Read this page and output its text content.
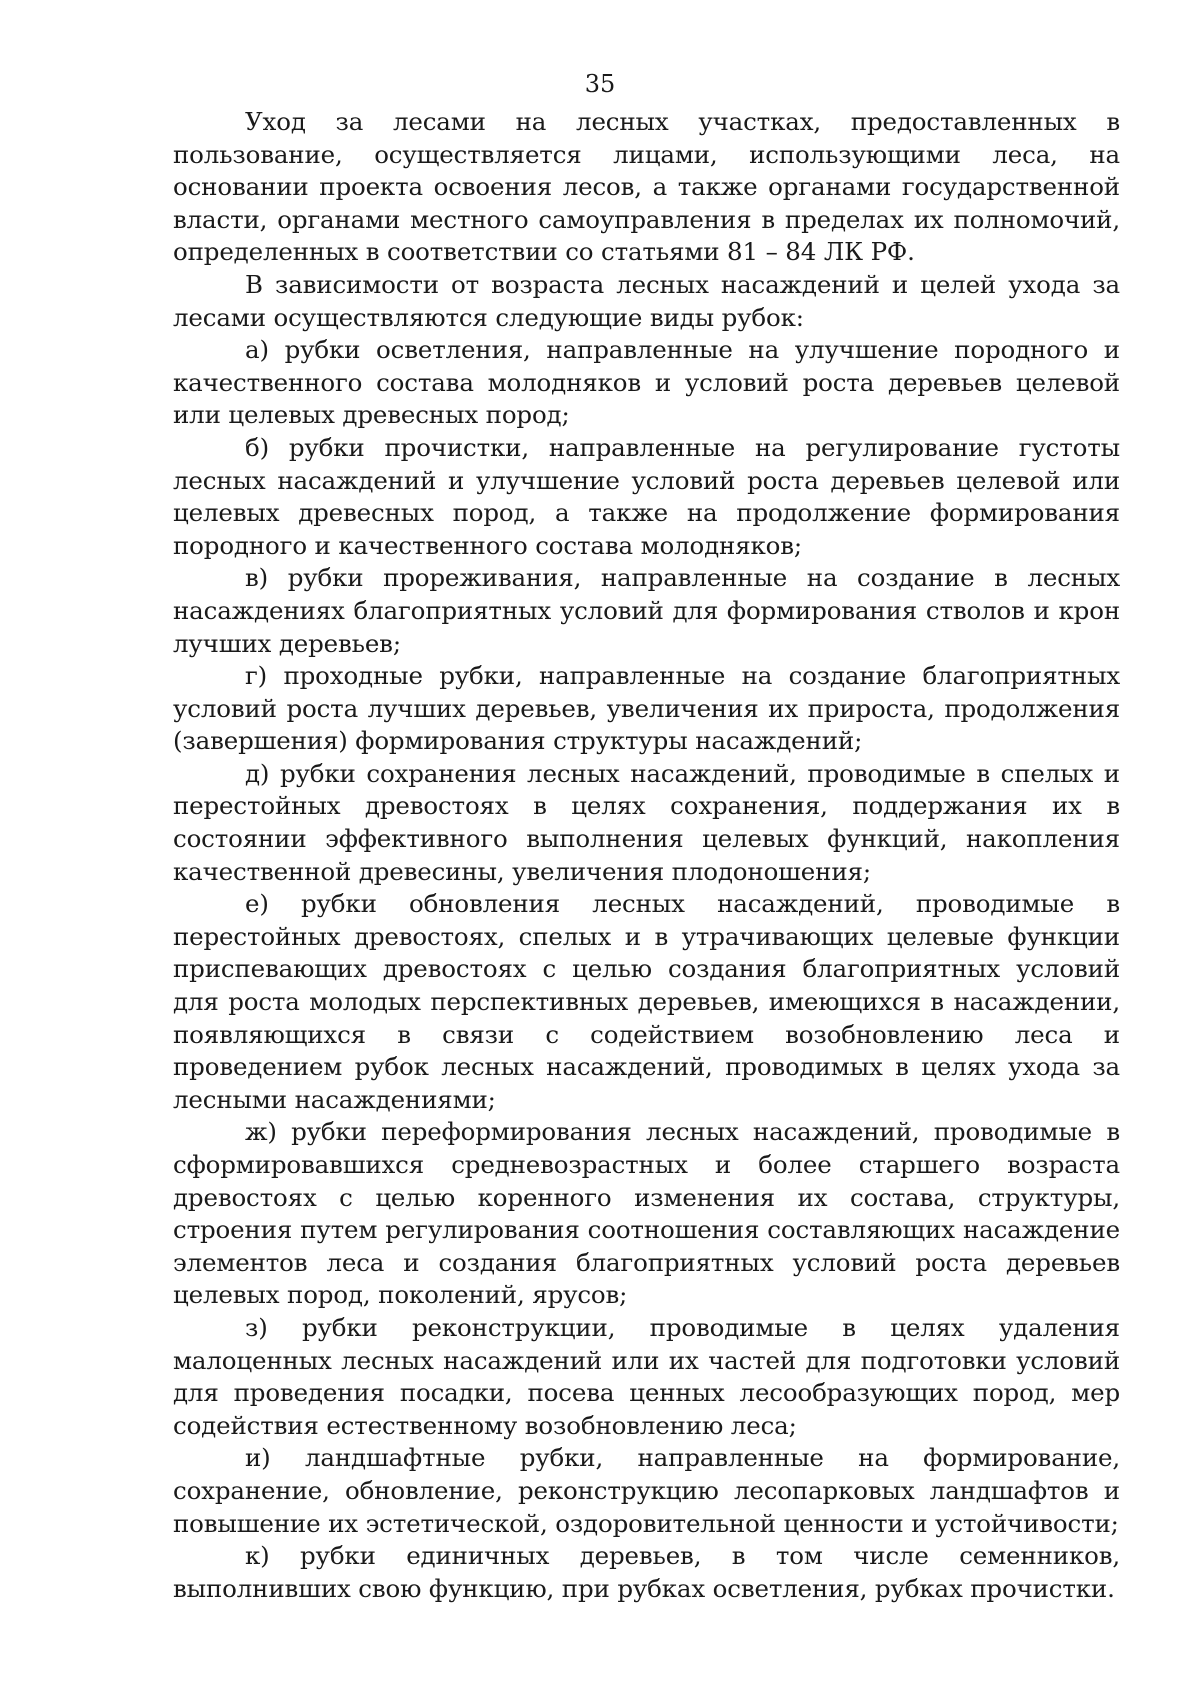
35

Уход за лесами на лесных участках, предоставленных в пользование, осуществляется лицами, использующими леса, на основании проекта освоения лесов, а также органами государственной власти, органами местного самоуправления в пределах их полномочий, определенных в соответствии со статьями 81 – 84 ЛК РФ.

В зависимости от возраста лесных насаждений и целей ухода за лесами осуществляются следующие виды рубок:

а) рубки осветления, направленные на улучшение породного и качественного состава молодняков и условий роста деревьев целевой или целевых древесных пород;

б) рубки прочистки, направленные на регулирование густоты лесных насаждений и улучшение условий роста деревьев целевой или целевых древесных пород, а также на продолжение формирования породного и качественного состава молодняков;

в) рубки прореживания, направленные на создание в лесных насаждениях благоприятных условий для формирования стволов и крон лучших деревьев;

г) проходные рубки, направленные на создание благоприятных условий роста лучших деревьев, увеличения их прироста, продолжения (завершения) формирования структуры насаждений;

д) рубки сохранения лесных насаждений, проводимые в спелых и перестойных древостоях в целях сохранения, поддержания их в состоянии эффективного выполнения целевых функций, накопления качественной древесины, увеличения плодоношения;

е) рубки обновления лесных насаждений, проводимые в перестойных древостоях, спелых и в утрачивающих целевые функции приспевающих древостоях с целью создания благоприятных условий для роста молодых перспективных деревьев, имеющихся в насаждении, появляющихся в связи с содействием возобновлению леса и проведением рубок лесных насаждений, проводимых в целях ухода за лесными насаждениями;

ж) рубки переформирования лесных насаждений, проводимые в сформировавшихся средневозрастных и более старшего возраста древостоях с целью коренного изменения их состава, структуры, строения путем регулирования соотношения составляющих насаждение элементов леса и создания благоприятных условий роста деревьев целевых пород, поколений, ярусов;

з) рубки реконструкции, проводимые в целях удаления малоценных лесных насаждений или их частей для подготовки условий для проведения посадки, посева ценных лесообразующих пород, мер содействия естественному возобновлению леса;

и) ландшафтные рубки, направленные на формирование, сохранение, обновление, реконструкцию лесопарковых ландшафтов и повышение их эстетической, оздоровительной ценности и устойчивости;

к) рубки единичных деревьев, в том числе семенников, выполнивших свою функцию, при рубках осветления, рубках прочистки.
